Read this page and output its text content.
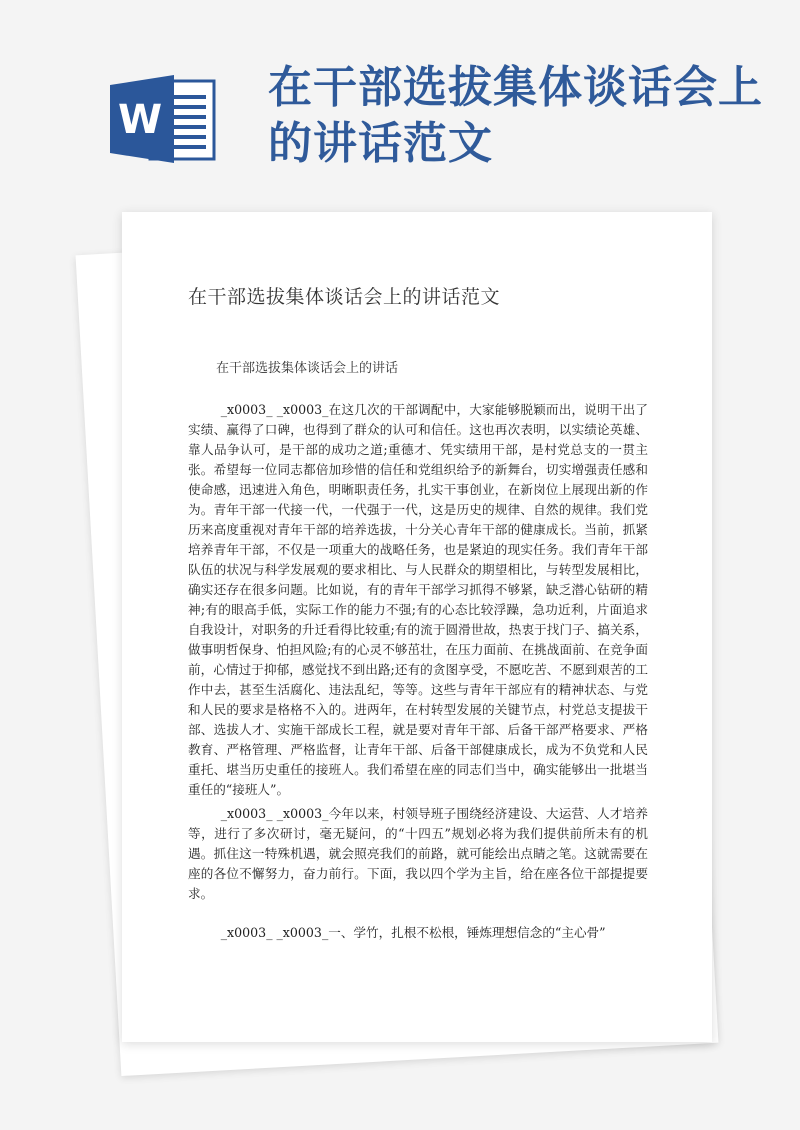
W
在干部选拔集体谈话会上的讲话范文
在干部选拔集体谈话会上的讲话范文
在干部选拔集体谈话会上的讲话

_x0003_ _x0003_在这几次的干部调配中，大家能够脱颖而出，说明干出了实绩、赢得了口碑，也得到了群众的认可和信任。这也再次表明，以实绩论英雄、靠人品争认可，是干部的成功之道;重德才、凭实绩用干部，是村党总支的一贯主张。希望每一位同志都倍加珍惜的信任和党组织给予的新舞台，切实增强责任感和使命感，迅速进入角色，明晰职责任务，扎实干事创业，在新岗位上展现出新的作为。青年干部一代接一代，一代强于一代，这是历史的规律、自然的规律。我们党历来高度重视对青年干部的培养选拔，十分关心青年干部的健康成长。当前，抓紧培养青年干部，不仅是一项重大的战略任务，也是紧迫的现实任务。我们青年干部队伍的状况与科学发展观的要求相比、与人民群众的期望相比，与转型发展相比，确实还存在很多问题。比如说，有的青年干部学习抓得不够紧，缺乏潜心钻研的精神;有的眼高手低，实际工作的能力不强;有的心态比较浮躁，急功近利，片面追求自我设计，对职务的升迁看得比较重;有的流于圆滑世故，热衷于找门子、搞关系，做事明哲保身、怕担风险;有的心灵不够茁壮，在压力面前、在挑战面前、在竞争面前，心情过于抑郁，感觉找不到出路;还有的贪图享受，不愿吃苦、不愿到艰苦的工作中去，甚至生活腐化、违法乱纪，等等。这些与青年干部应有的精神状态、与党和人民的要求是格格不入的。进两年，在村转型发展的关键节点，村党总支提拔干部、选拔人才、实施干部成长工程，就是要对青年干部、后备干部严格要求、严格教育、严格管理、严格监督，让青年干部、后备干部健康成长，成为不负党和人民重托、堪当历史重任的接班人。我们希望在座的同志们当中，确实能够出一批堪当重任的“接班人”。

_x0003_ _x0003_今年以来，村领导班子围绕经济建设、大运营、人才培养等，进行了多次研讨，毫无疑问，的“十四五”规划必将为我们提供前所未有的机遇。抓住这一特殊机遇，就会照亮我们的前路，就可能绘出点睛之笔。这就需要在座的各位不懈努力，奋力前行。下面，我以四个学为主旨，给在座各位干部提提要求。

_x0003_ _x0003_一、学竹，扎根不松根，锤炼理想信念的“主心骨”
